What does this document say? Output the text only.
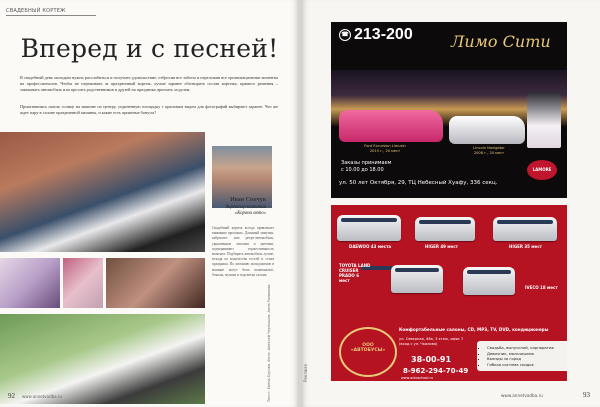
СВАДЕБНЫЙ КОРТЕЖ
Вперед и с песней!

В свадебный день молодым нужно расслабиться и получить удовольствие, отбросив все заботы и переложив все организационные моменты на профессионалов. Чтобы не переживать за праздничный кортеж, лучше заранее обговорить состав кортежа, прямого решения – заказывать автомобиль или просить родственников и друзей на праздника проехать за рулем.

Прокатившись сквозь солнце на машине по центру, уединенную площадку с красивым видом для фотографий выбирают заранее. Что же ждет пару в салоне праздничной машины, и какие есть приятные бонусы?

Иван Спечук
директор компании
«Корона авто»

Свадебный кортеж всегда привлекает внимание прохожих. Длинный лимузин, кабриолет или ретро-автомобиль, украшенные лентами и цветами, подчеркивают торжественность момента. Подбирать автомобиль лучше, исходя из количества гостей и стиля праздника. По желанию молодоженов в машине могут быть шампанское, бокалы, музыка и подсветка салона.

Текст: Елена Бурова. Фото: Алексей Чернышов, Анна Романова
92 www.annetvadba.ru
☎ 213-200 Лимо Сити
Ford Excursion Limusin
2015 г., 20 мест
Lincoln Navigator
2008 г., 20 мест
Заказы принимаем
с 10.00 до 18.00	LAMORE
ул. 50 лет Октября, 29, ТЦ Небесный Хуафу, 336 секц.
DAEWOO 43 места	HIGER 49 мест	HIGER 35 мест
TOYOTA LAND CRUISER PRADO 6 мест
IVECO 18 мест
ООО «АВТОБУСЫ»
Комфортабельные салоны, CD, MP3, TV, DVD, кондиционеры
ул. Северная, 46а, 3 этаж, офис 7 (вход с ул. Чкалова)
38-00-91
8-962-294-70-49
www.avtoschool.ru
▪ Свадьба, выпускной, корпоратив
▪ Девичник, мальчишник
▪ Выезды за город
▪ Гибкая система скидок
www.annetvadba.ru	93
Реклама
